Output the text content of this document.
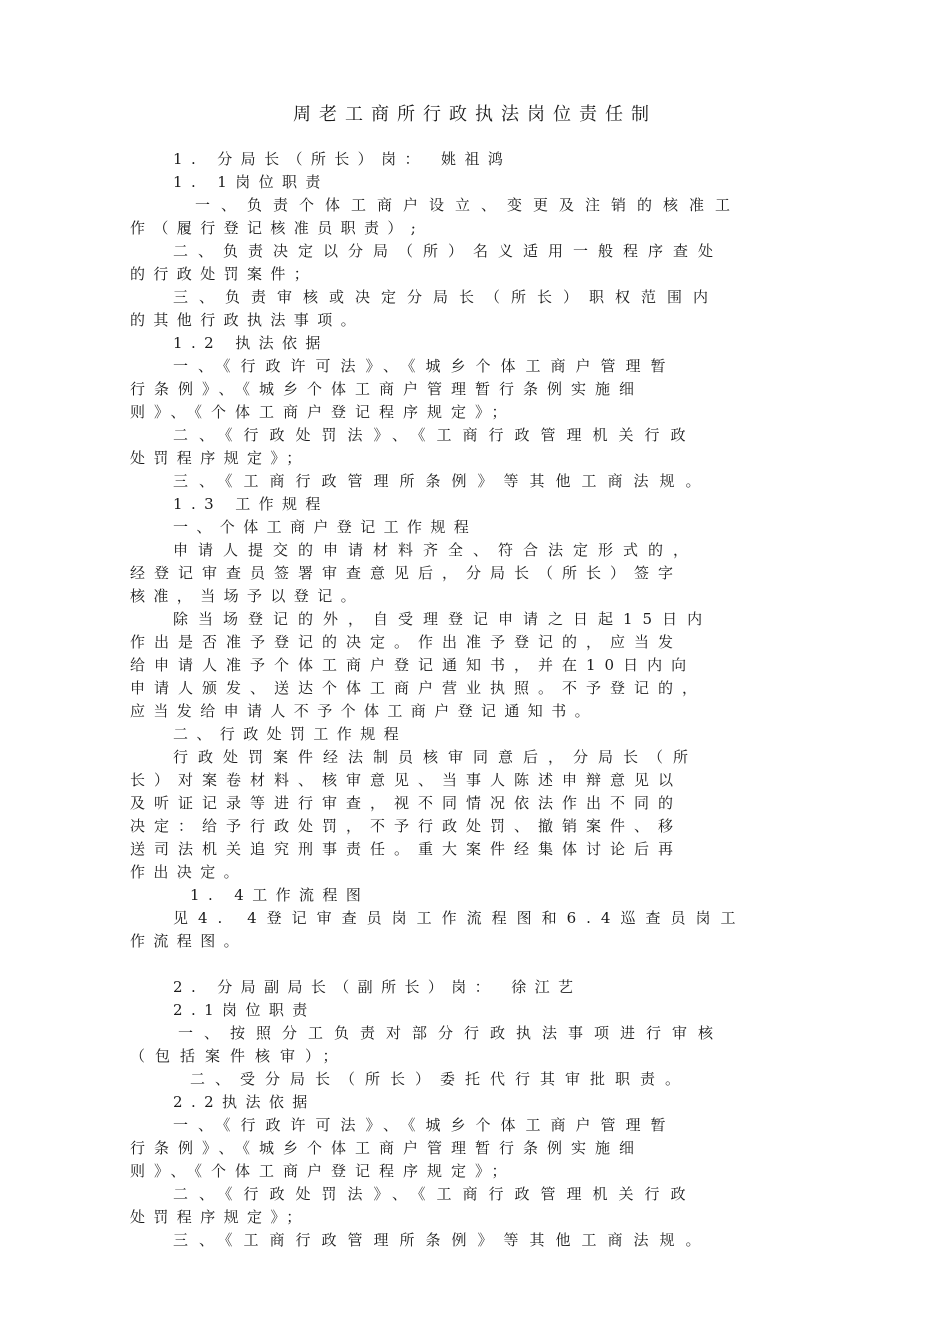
周老工商所行政执法岗位责任制
1. 分局长（所长）岗： 姚祖鸿
1. 1岗位职责
一、负责个体工商户设立、变更及注销的核准工
作（履行登记核准员职责）;
二、负责决定以分局（所）名义适用一般程序查处
的行政处罚案件；
三、负责审核或决定分局长（所长）职权范围内
的其他行政执法事项。
1.2 执法依据
一、《行政许可法》、《城乡个体工商户管理暂
行条例》、《城乡个体工商户管理暂行条例实施细
则》、《个体工商户登记程序规定》；
二、《行政处罚法》、《工商行政管理机关行政
处罚程序规定》；
三、《工商行政管理所条例》等其他工商法规。
1.3 工作规程
一、个体工商户登记工作规程
申请人提交的申请材料齐全、符合法定形式的，
经登记审查员签署审查意见后，分局长（所长）签字
核准，当场予以登记。
除当场登记的外，自受理登记申请之日起15日内
作出是否准予登记的决定。作出准予登记的，应当发
给申请人准予个体工商户登记通知书，并在10日内向
申请人颁发、送达个体工商户营业执照。不予登记的，
应当发给申请人不予个体工商户登记通知书。
二、行政处罚工作规程
行政处罚案件经法制员核审同意后，分局长（所
长）对案卷材料、核审意见、当事人陈述申辩意见以
及听证记录等进行审查，视不同情况依法作出不同的
决定：给予行政处罚，不予行政处罚、撤销案件、移
送司法机关追究刑事责任。重大案件经集体讨论后再
作出决定。
1. 4工作流程图
见4. 4登记审查员岗工作流程图和6.4巡查员岗工
作流程图。
2. 分局副局长（副所长）岗： 徐江艺
2.1岗位职责
一、按照分工负责对部分行政执法事项进行审核
（包括案件核审）；
二、受分局长（所长）委托代行其审批职责。
2.2执法依据
一、《行政许可法》、《城乡个体工商户管理暂
行条例》、《城乡个体工商户管理暂行条例实施细
则》、《个体工商户登记程序规定》；
二、《行政处罚法》、《工商行政管理机关行政
处罚程序规定》；
三、《工商行政管理所条例》等其他工商法规。
